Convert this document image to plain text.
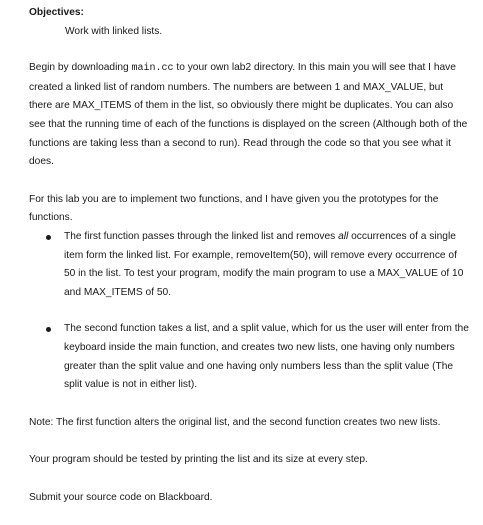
Objectives:

Work with linked lists.

Begin by downloading main.cc to your own lab2 directory. In this main you will see that I have created a linked list of random numbers. The numbers are between 1 and MAX_VALUE, but there are MAX_ITEMS of them in the list, so obviously there might be duplicates. You can also see that the running time of each of the functions is displayed on the screen (Although both of the functions are taking less than a second to run). Read through the code so that you see what it does.

For this lab you are to implement two functions, and I have given you the prototypes for the functions.

The first function passes through the linked list and removes all occurrences of a single item form the linked list. For example, removeItem(50), will remove every occurrence of 50 in the list. To test your program, modify the main program to use a MAX_VALUE of 10 and MAX_ITEMS of 50.
The second function takes a list, and a split value, which for us the user will enter from the keyboard inside the main function, and creates two new lists, one having only numbers greater than the split value and one having only numbers less than the split value (The split value is not in either list).

Note: The first function alters the original list, and the second function creates two new lists.

Your program should be tested by printing the list and its size at every step.

Submit your source code on Blackboard.
